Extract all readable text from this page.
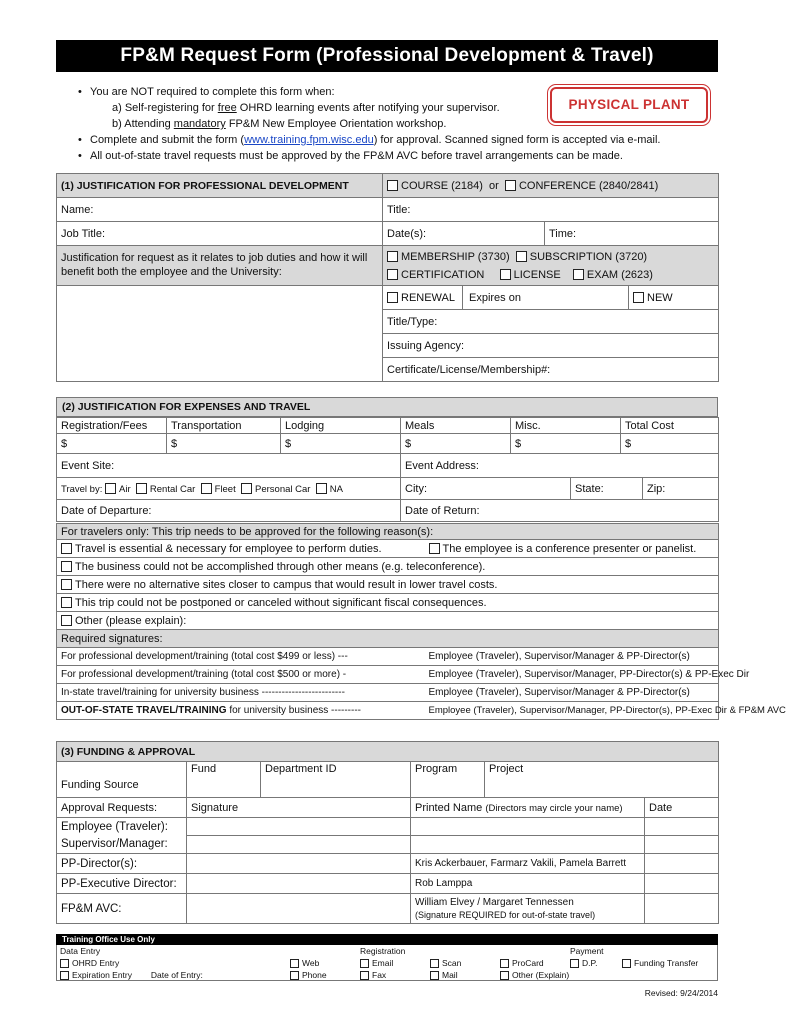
FP&M Request Form (Professional Development & Travel)
• You are NOT required to complete this form when:
a) Self-registering for free OHRD learning events after notifying your supervisor.
b) Attending mandatory FP&M New Employee Orientation workshop.
• Complete and submit the form (www.training.fpm.wisc.edu) for approval. Scanned signed form is accepted via e-mail.
• All out-of-state travel requests must be approved by the FP&M AVC before travel arrangements can be made.
PHYSICAL PLANT
(1) JUSTIFICATION FOR PROFESSIONAL DEVELOPMENT	COURSE (2184) or CONFERENCE (2840/2841)	
Name:	Title:	
Job Title:	Date(s):	Time:

Justification for request as it relates to job duties and how it will benefit both the employee and the University:	MEMBERSHIP (3730) SUBSCRIPTION (3720)
CERTIFICATION LICENSE EXAM (2623)	

	RENEWAL Expires on NEW	

	Title/Type:	
	Issuing Agency:	
	Certificate/License/Membership#:	
(2) JUSTIFICATION FOR EXPENSES AND TRAVEL
Registration/Fees	Transportation	Lodging	Meals	Misc.	Total Cost
$	$	$	$	$	$
Event Site:	Event Address:		
Travel by: Air Rental Car Fleet Personal Car NA	City:	State:	Zip:
Date of Departure:	Date of Return:		
For travelers only: This trip needs to be approved for the following reason(s):	
Travel is essential & necessary for employee to perform duties.	The employee is a conference presenter or panelist.
The business could not be accomplished through other means (e.g. teleconference).	
There were no alternative sites closer to campus that would result in lower travel costs.	
This trip could not be postponed or canceled without significant fiscal consequences.	
Other (please explain):	
Required signatures:	
For professional development/training (total cost $499 or less) ---	Employee (Traveler), Supervisor/Manager & PP-Director(s)
For professional development/training (total cost $500 or more) -	Employee (Traveler), Supervisor/Manager, PP-Director(s) & PP-Exec Dir
In-state travel/training for university business -------------------------	Employee (Traveler), Supervisor/Manager & PP-Director(s)
OUT-OF-STATE TRAVEL/TRAINING for university business ---------	Employee (Traveler), Supervisor/Manager, PP-Director(s), PP-Exec Dir & FP&M AVC
(3) FUNDING & APPROVAL					
Funding Source	Fund	Department ID	Program	Project	
Approval Requests:	Signature		Printed Name (Directors may circle your name)		Date
Employee (Traveler):					
Supervisor/Manager:					
PP-Director(s):			Kris Ackerbauer, Farmarz Vakili, Pamela Barrett		
PP-Executive Director:			Rob Lamppa		
FP&M AVC:			William Elvey / Margaret Tennessen
(Signature REQUIRED for out-of-state travel)		

Training Office Use Only
Data Entry		Registration			Payment	
OHRD Entry	Web	Email	Scan	ProCard	D.P.	Funding Transfer
Expiration Entry Date of Entry:	Phone	Fax	Mail	Other (Explain)		
Revised: 9/24/2014
